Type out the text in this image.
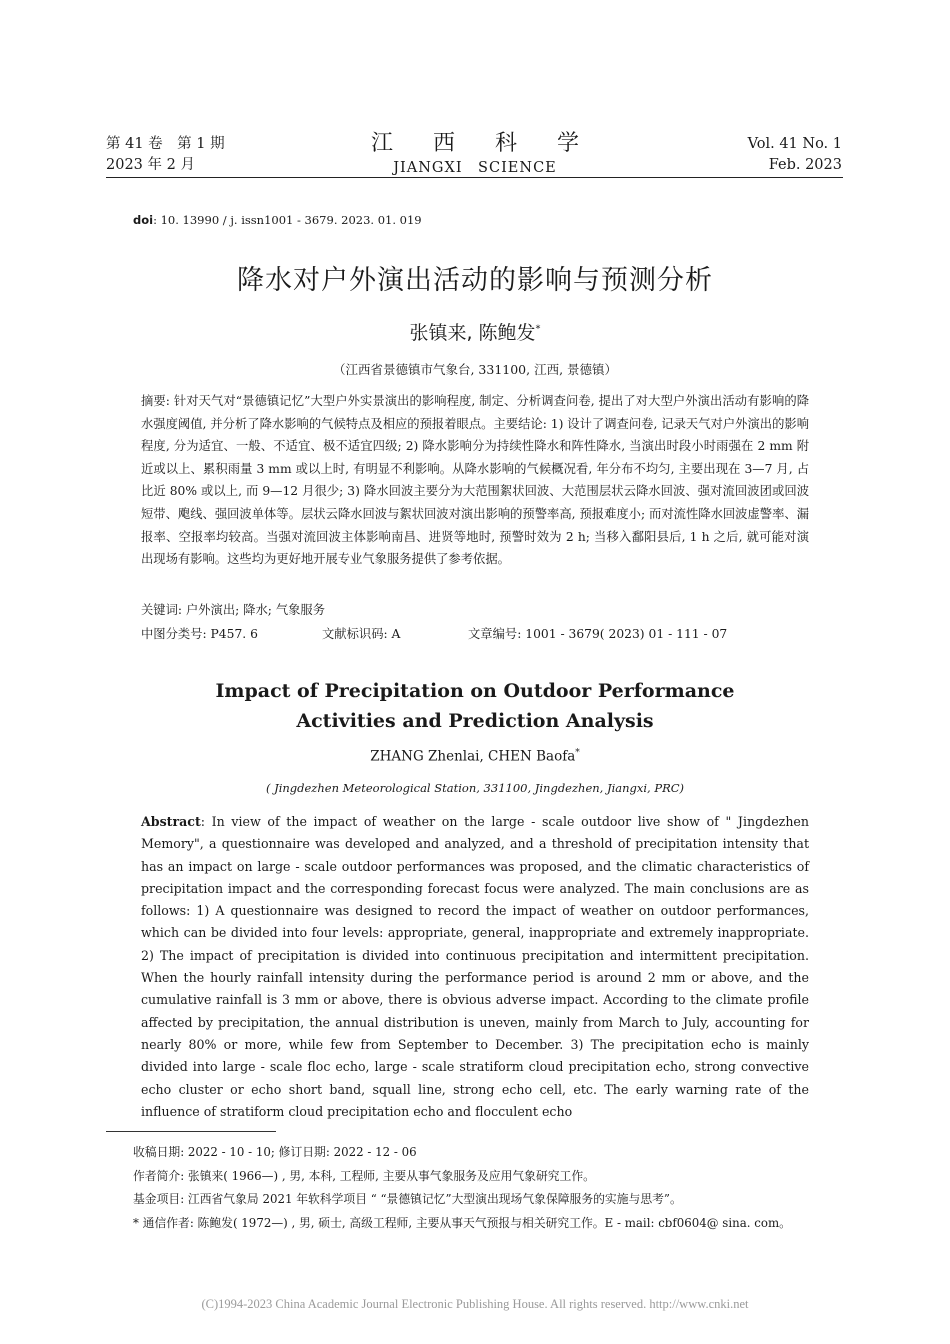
第 41 卷　第 1 期
2023 年 2 月
江西科学
JIANGXI　SCIENCE
Vol. 41 No. 1
Feb. 2023
doi: 10. 13990 / j. issn1001 - 3679. 2023. 01. 019
降水对户外演出活动的影响与预测分析
张镇来, 陈鲍发*
（江西省景德镇市气象台, 331100, 江西, 景德镇）
摘要: 针对天气对“景德镇记忆”大型户外实景演出的影响程度, 制定、分析调查问卷, 提出了对大型户外演出活动有影响的降水强度阈值, 并分析了降水影响的气候特点及相应的预报着眼点。主要结论: 1) 设计了调查问卷, 记录天气对户外演出的影响程度, 分为适宜、一般、不适宜、极不适宜四级; 2) 降水影响分为持续性降水和阵性降水, 当演出时段小时雨强在 2 mm 附近或以上、累积雨量 3 mm 或以上时, 有明显不利影响。从降水影响的气候概况看, 年分布不均匀, 主要出现在 3—7 月, 占比近 80% 或以上, 而 9—12 月很少; 3) 降水回波主要分为大范围絮状回波、大范围层状云降水回波、强对流回波团或回波短带、飑线、强回波单体等。层状云降水回波与絮状回波对演出影响的预警率高, 预报难度小; 而对流性降水回波虚警率、漏报率、空报率均较高。当强对流回波主体影响南昌、进贤等地时, 预警时效为 2 h; 当移入鄱阳县后, 1 h 之后, 就可能对演出现场有影响。这些均为更好地开展专业气象服务提供了参考依据。
关键词: 户外演出; 降水; 气象服务
中图分类号: P457. 6	文献标识码: A	文章编号: 1001 - 3679( 2023) 01 - 111 - 07
Impact of Precipitation on Outdoor Performance
Activities and Prediction Analysis
ZHANG Zhenlai, CHEN Baofa*
( Jingdezhen Meteorological Station, 331100, Jingdezhen, Jiangxi, PRC)
Abstract: In view of the impact of weather on the large - scale outdoor live show of " Jingdezhen Memory", a questionnaire was developed and analyzed, and a threshold of precipitation intensity that has an impact on large - scale outdoor performances was proposed, and the climatic characteristics of precipitation impact and the corresponding forecast focus were analyzed. The main conclusions are as follows: 1) A questionnaire was designed to record the impact of weather on outdoor performances, which can be divided into four levels: appropriate, general, inappropriate and extremely inappropriate. 2) The impact of precipitation is divided into continuous precipitation and intermittent precipitation. When the hourly rainfall intensity during the performance period is around 2 mm or above, and the cumulative rainfall is 3 mm or above, there is obvious adverse impact. According to the climate profile affected by precipitation, the annual distribution is uneven, mainly from March to July, accounting for nearly 80% or more, while few from September to December. 3) The precipitation echo is mainly divided into large - scale floc echo, large - scale stratiform cloud precipitation echo, strong convective echo cluster or echo short band, squall line, strong echo cell, etc. The early warning rate of the influence of stratiform cloud precipitation echo and flocculent echo
收稿日期: 2022 - 10 - 10; 修订日期: 2022 - 12 - 06
作者简介: 张镇来( 1966—) , 男, 本科, 工程师, 主要从事气象服务及应用气象研究工作。
基金项目: 江西省气象局 2021 年软科学项目 “ “景德镇记忆”大型演出现场气象保障服务的实施与思考”。
* 通信作者: 陈鲍发( 1972—) , 男, 硕士, 高级工程师, 主要从事天气预报与相关研究工作。E - mail: cbf0604@ sina. com。
(C)1994-2023 China Academic Journal Electronic Publishing House. All rights reserved. http://www.cnki.net
